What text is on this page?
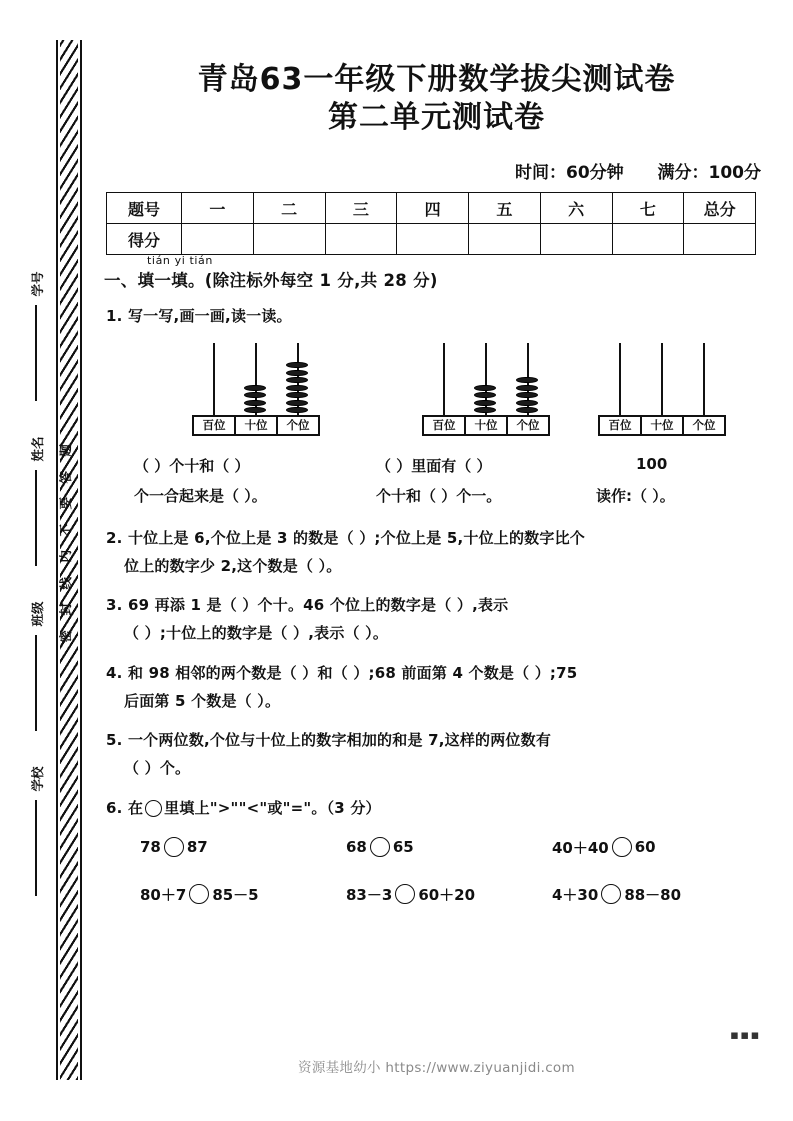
题
答
要
不
内
线
封
密
学号
姓名
班级
学校
青岛63一年级下册数学拔尖测试卷
第二单元测试卷
时间：60分钟 满分：100分
题号	一	二	三	四	五	六	七	总分
得分								
tián yi tián
一、填一填。(除注标外每空 1 分,共 28 分)
1. 写一写,画一画,读一读。
百位	十位	个位	百位	十位	个位	百位	十位	个位
（ ）个十和（ ）	（ ）里面有（ ）	100
个一合起来是（ ）。	个十和（ ）个一。	读作:（ ）。
2. 十位上是 6,个位上是 3 的数是（ ）;个位上是 5,十位上的数字比个
位上的数字少 2,这个数是（ ）。
3. 69 再添 1 是（ ）个十。46 个位上的数字是（ ）,表示
（ ）;十位上的数字是（ ）,表示（ ）。
4. 和 98 相邻的两个数是（ ）和（ ）;68 前面第 4 个数是（ ）;75
后面第 5 个数是（ ）。
5. 一个两位数,个位与十位上的数字相加的和是 7,这样的两位数有
（ ）个。
6. 在 里填上">""<"或"="。（3 分）
78 87	68 65	40＋40 60
80＋7 85－5	83－3 60＋20	4＋30 88－80
▪▪▪
资源基地幼小 https://www.ziyuanjidi.com
